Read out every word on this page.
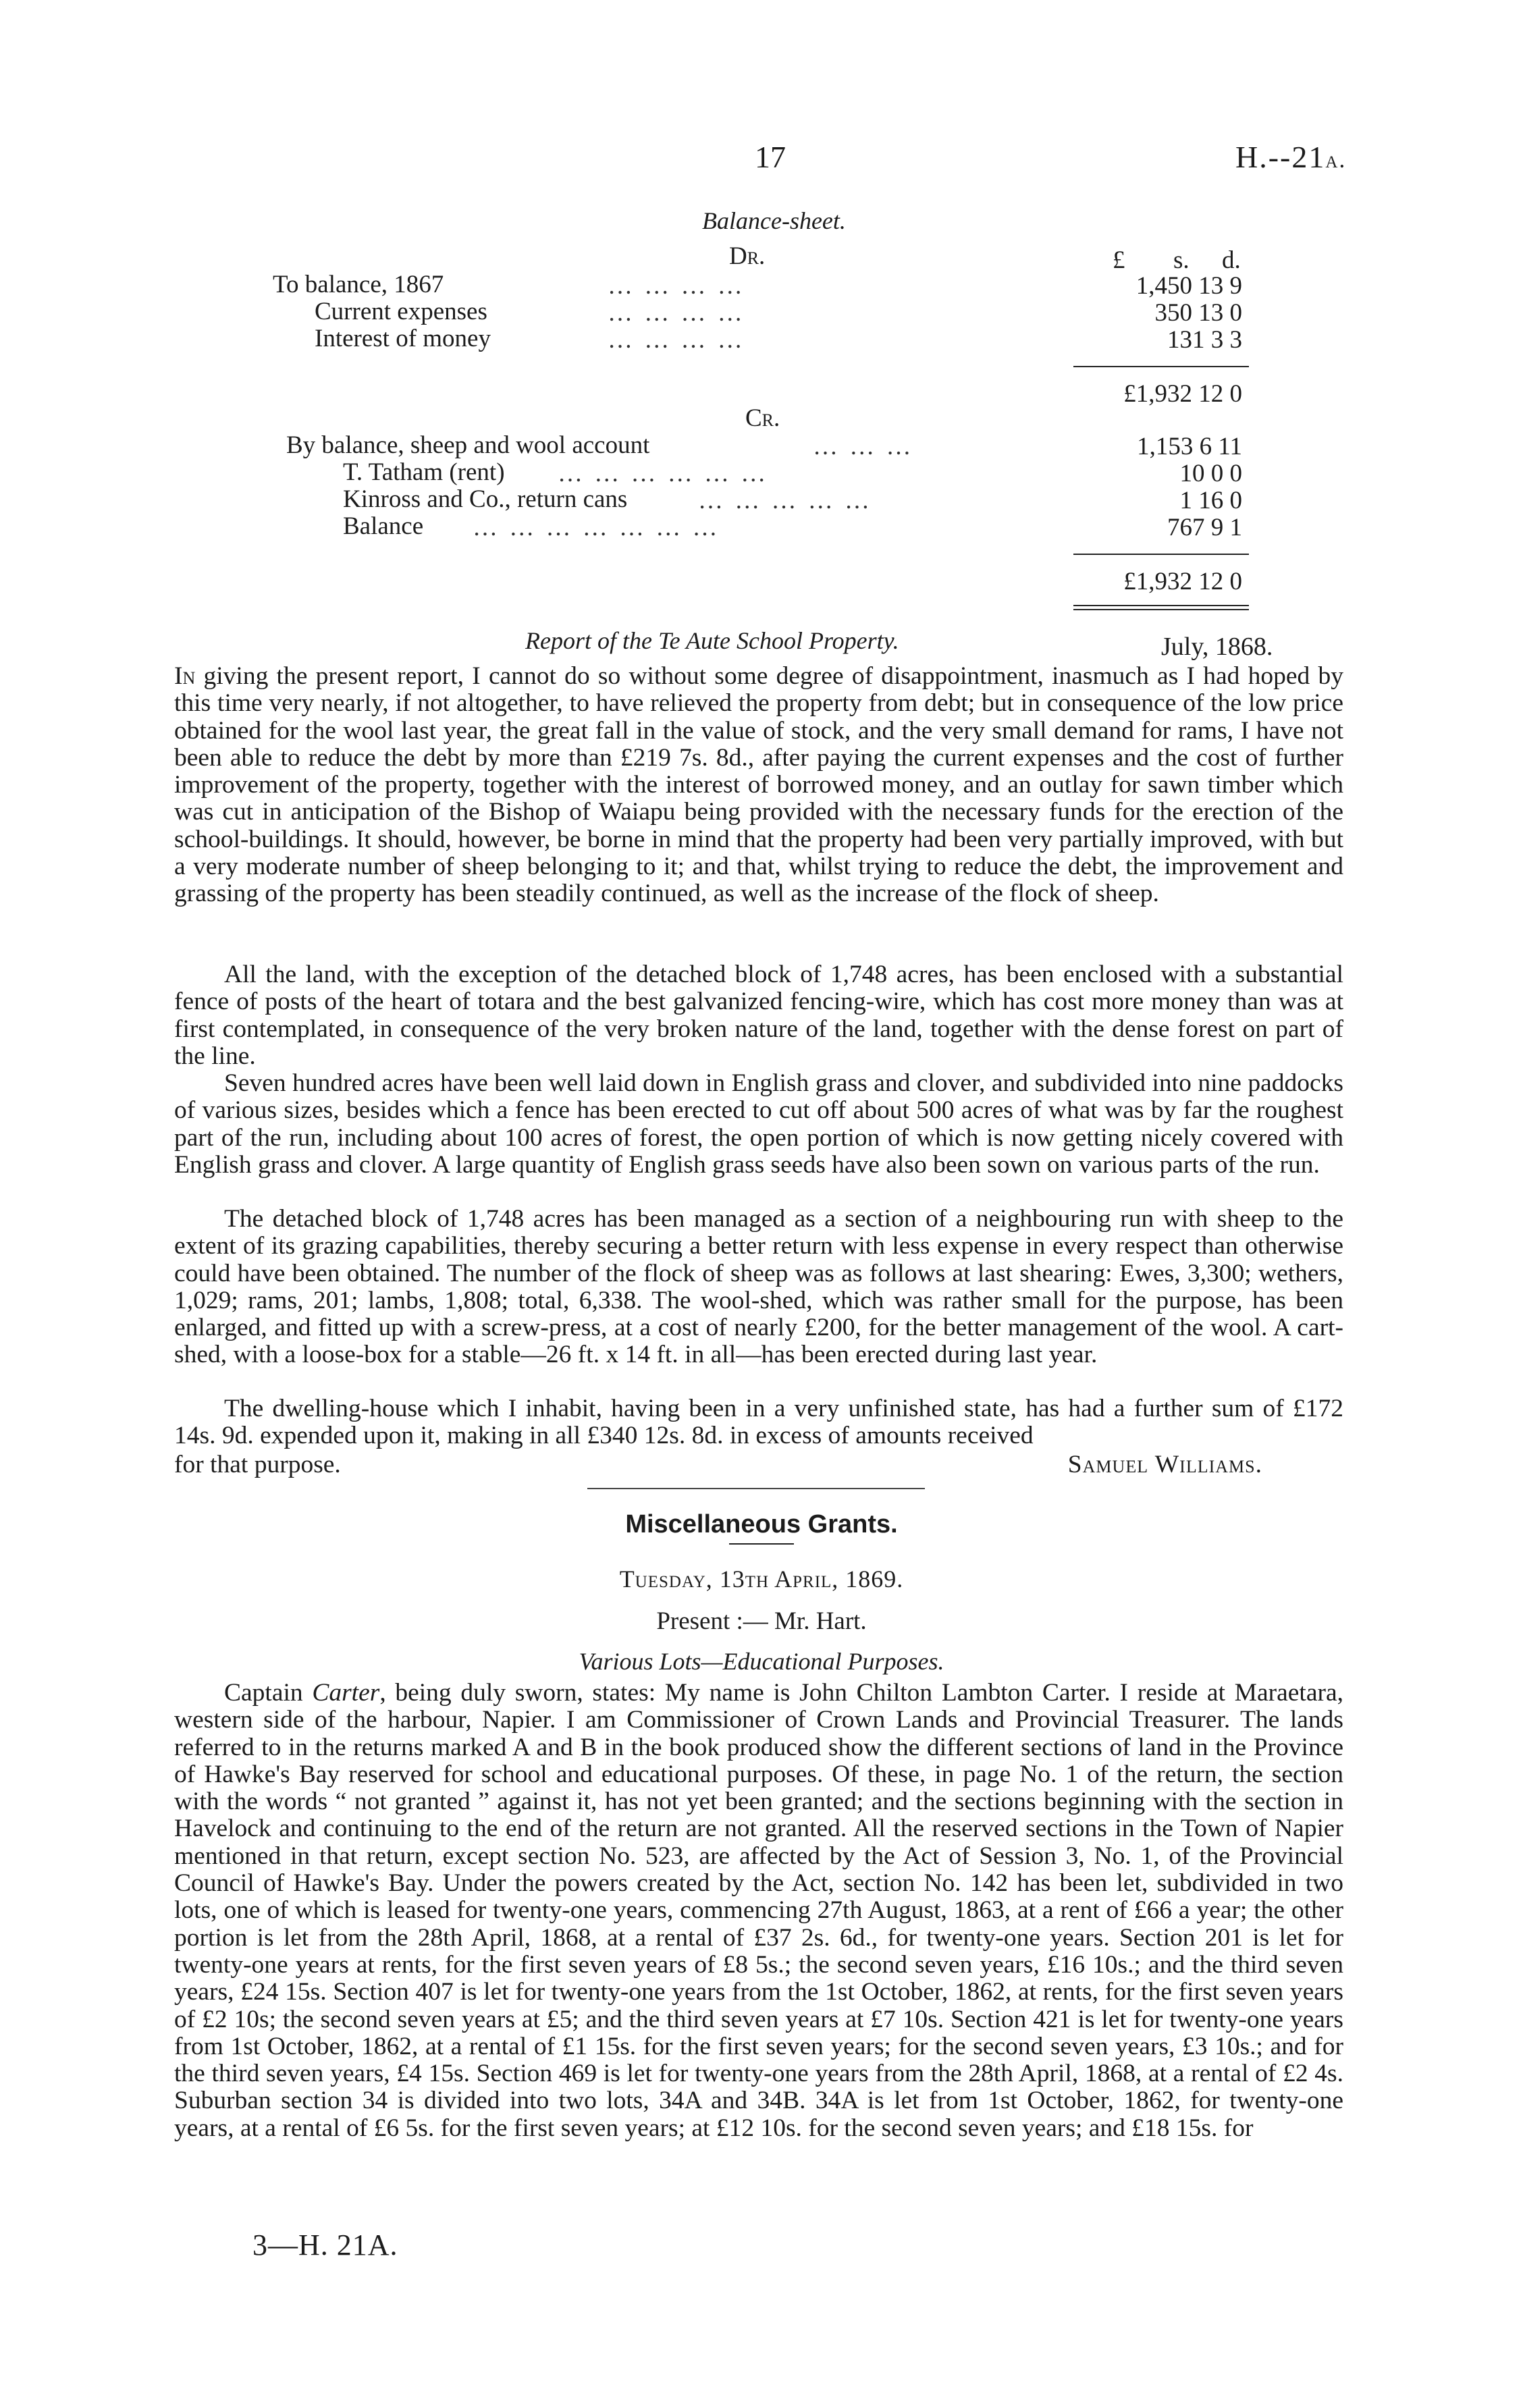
17	H.--21a.
Balance-sheet.
Dr.	£ s. d.
To balance, 1867	… … … …	1,450 13 9
Current expenses	… … … …	350 13 0
Interest of money	… … … …	131 3 3
£1,932 12 0
Cr.
By balance, sheep and wool account	… … …	1,153 6 11
T. Tatham (rent) … … … … … …	10 0 0
Kinross and Co., return cans	… … … … …	1 16 0
Balance … … … … … … …	767 9 1
£1,932 12 0
Report of the Te Aute School Property.	July, 1868.
In giving the present report, I cannot do so without some degree of disappointment, inasmuch as I had hoped by this time very nearly, if not altogether, to have relieved the property from debt; but in consequence of the low price obtained for the wool last year, the great fall in the value of stock, and the very small demand for rams, I have not been able to reduce the debt by more than £219 7s. 8d., after paying the current expenses and the cost of further improvement of the property, together with the interest of borrowed money, and an outlay for sawn timber which was cut in anticipation of the Bishop of Waiapu being provided with the necessary funds for the erection of the school-buildings. It should, however, be borne in mind that the property had been very partially improved, with but a very moderate number of sheep belonging to it; and that, whilst trying to reduce the debt, the improvement and grassing of the property has been steadily continued, as well as the increase of the flock of sheep.
All the land, with the exception of the detached block of 1,748 acres, has been enclosed with a substantial fence of posts of the heart of totara and the best galvanized fencing-wire, which has cost more money than was at first contemplated, in consequence of the very broken nature of the land, together with the dense forest on part of the line.
Seven hundred acres have been well laid down in English grass and clover, and subdivided into nine paddocks of various sizes, besides which a fence has been erected to cut off about 500 acres of what was by far the roughest part of the run, including about 100 acres of forest, the open portion of which is now getting nicely covered with English grass and clover. A large quantity of English grass seeds have also been sown on various parts of the run.
The detached block of 1,748 acres has been managed as a section of a neighbouring run with sheep to the extent of its grazing capabilities, thereby securing a better return with less expense in every respect than otherwise could have been obtained. The number of the flock of sheep was as follows at last shearing: Ewes, 3,300; wethers, 1,029; rams, 201; lambs, 1,808; total, 6,338. The wool-shed, which was rather small for the purpose, has been enlarged, and fitted up with a screw-press, at a cost of nearly £200, for the better management of the wool. A cart-shed, with a loose-box for a stable—26 ft. x 14 ft. in all—has been erected during last year.
The dwelling-house which I inhabit, having been in a very unfinished state, has had a further sum of £172 14s. 9d. expended upon it, making in all £340 12s. 8d. in excess of amounts received
for that purpose.	Samuel Williams.
Miscellaneous Grants.
Tuesday, 13th April, 1869.
Present :— Mr. Hart.
Various Lots—Educational Purposes.
Captain Carter, being duly sworn, states: My name is John Chilton Lambton Carter. I reside at Maraetara, western side of the harbour, Napier. I am Commissioner of Crown Lands and Provincial Treasurer. The lands referred to in the returns marked A and B in the book produced show the different sections of land in the Province of Hawke's Bay reserved for school and educational purposes. Of these, in page No. 1 of the return, the section with the words “ not granted ” against it, has not yet been granted; and the sections beginning with the section in Havelock and continuing to the end of the return are not granted. All the reserved sections in the Town of Napier mentioned in that return, except section No. 523, are affected by the Act of Session 3, No. 1, of the Provincial Council of Hawke's Bay. Under the powers created by the Act, section No. 142 has been let, subdivided in two lots, one of which is leased for twenty-one years, commencing 27th August, 1863, at a rent of £66 a year; the other portion is let from the 28th April, 1868, at a rental of £37 2s. 6d., for twenty-one years. Section 201 is let for twenty-one years at rents, for the first seven years of £8 5s.; the second seven years, £16 10s.; and the third seven years, £24 15s. Section 407 is let for twenty-one years from the 1st October, 1862, at rents, for the first seven years of £2 10s; the second seven years at £5; and the third seven years at £7 10s. Section 421 is let for twenty-one years from 1st October, 1862, at a rental of £1 15s. for the first seven years; for the second seven years, £3 10s.; and for the third seven years, £4 15s. Section 469 is let for twenty-one years from the 28th April, 1868, at a rental of £2 4s. Suburban section 34 is divided into two lots, 34A and 34B. 34A is let from 1st October, 1862, for twenty-one years, at a rental of £6 5s. for the first seven years; at £12 10s. for the second seven years; and £18 15s. for
3—H. 21A.
